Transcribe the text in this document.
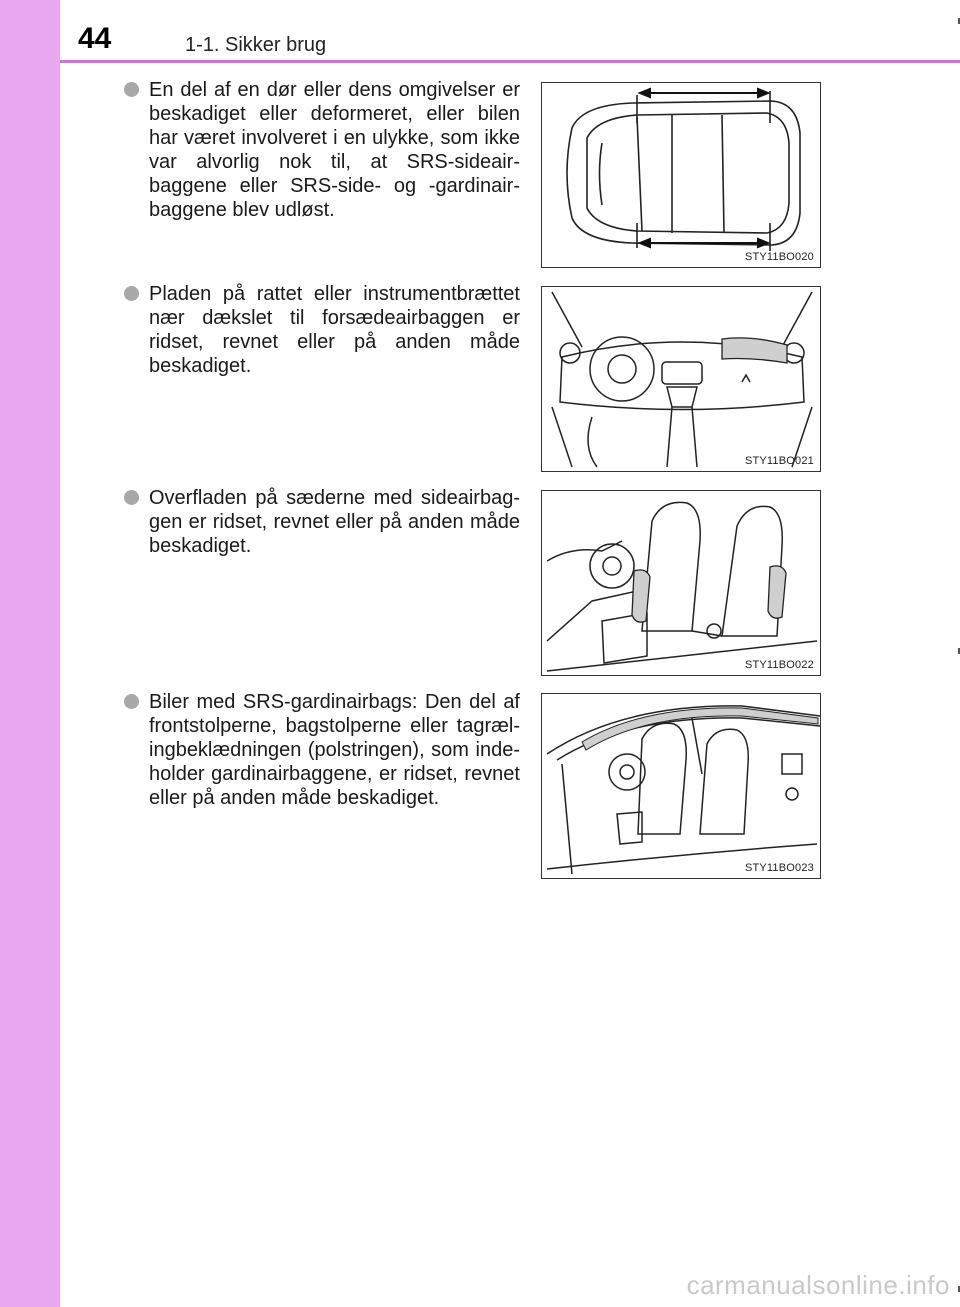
44	1-1. Sikker brug

En del af en dør eller dens omgivelser er beskadiget eller deformeret, eller bilen har været involveret i en ulykke, som ikke var alvorlig nok til, at SRS-sideair-baggene eller SRS-side- og -gardinair-baggene blev udløst.

STY11BO020

Pladen på rattet eller instrumentbrættet nær dækslet til forsædeairbaggen er ridset, revnet eller på anden måde beskadiget.

STY11BO021

Overfladen på sæderne med sideairbag-gen er ridset, revnet eller på anden måde beskadiget.

STY11BO022

Biler med SRS-gardinairbags: Den del af frontstolperne, bagstolperne eller tagræl-ingbeklædningen (polstringen), som inde-holder gardinairbaggene, er ridset, revnet eller på anden måde beskadiget.

STY11BO023
carmanualsonline.info
